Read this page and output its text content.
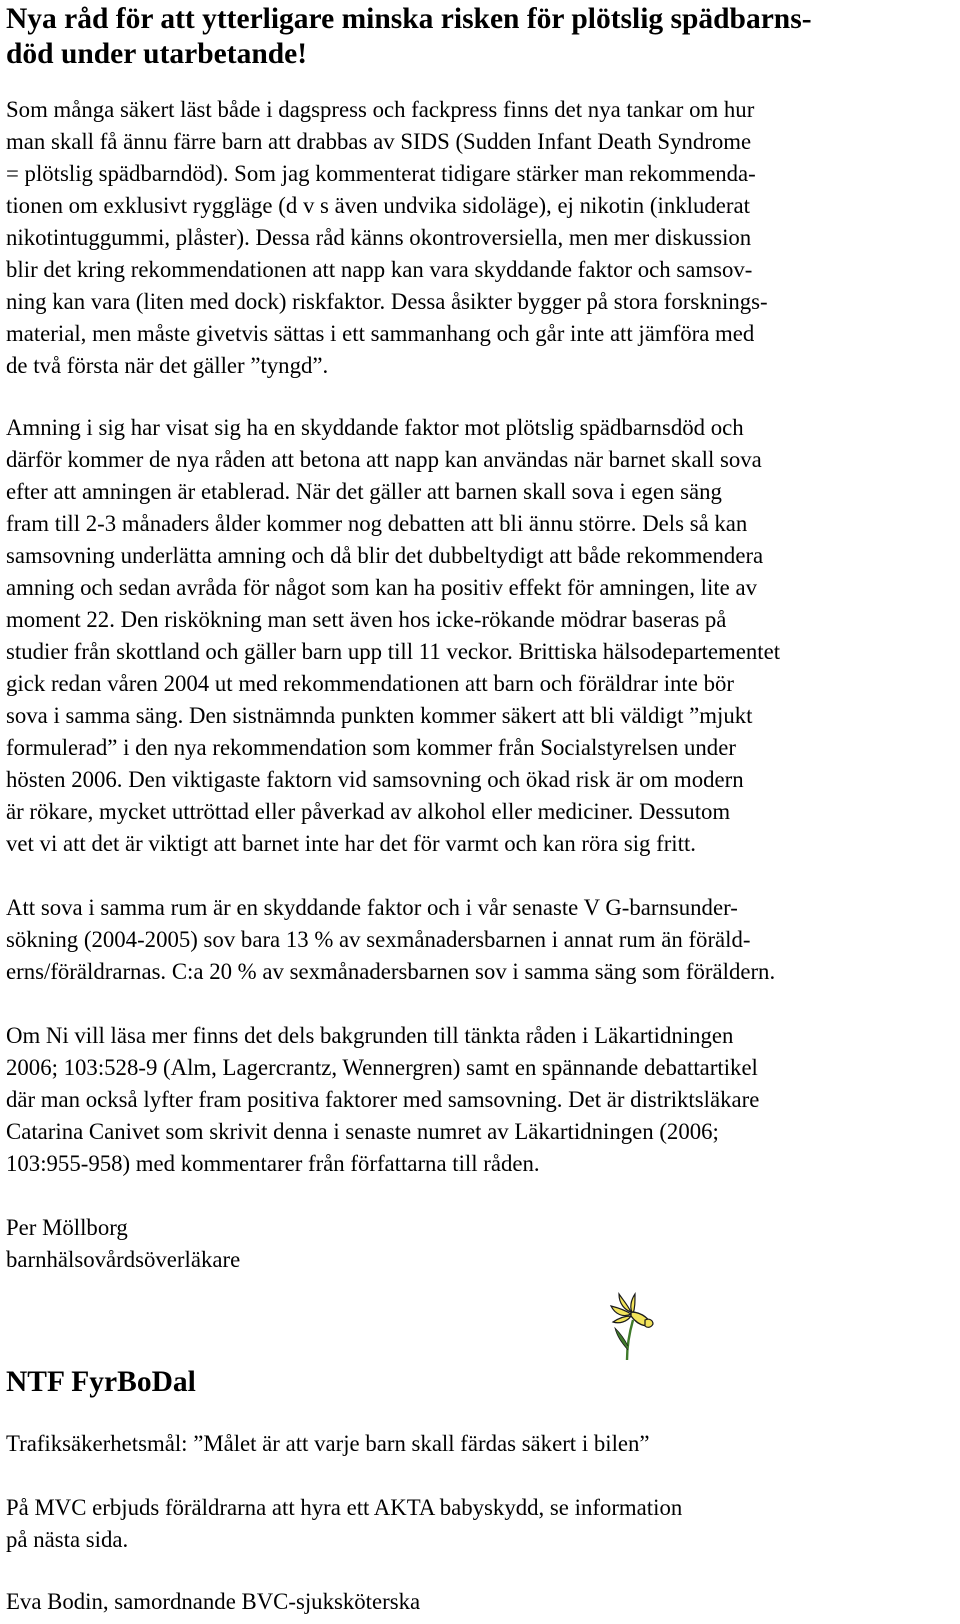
Nya råd för att ytterligare minska risken för plötslig spädbarns-
död under utarbetande!
Som många säkert läst både i dagspress och fackpress finns det nya tankar om hur
man skall få ännu färre barn att drabbas av SIDS (Sudden Infant Death Syndrome
= plötslig spädbarndöd). Som jag kommenterat tidigare stärker man rekommenda-
tionen om exklusivt ryggläge (d v s även undvika sidoläge), ej nikotin (inkluderat
nikotintuggummi, plåster). Dessa råd känns okontroversiella, men mer diskussion
blir det kring rekommendationen att napp kan vara skyddande faktor och samsov-
ning kan vara (liten med dock) riskfaktor. Dessa åsikter bygger på stora forsknings-
material, men måste givetvis sättas i ett sammanhang och går inte att jämföra med
de två första när det gäller ”tyngd”.
Amning i sig har visat sig ha en skyddande faktor mot plötslig spädbarnsdöd och
därför kommer de nya råden att betona att napp kan användas när barnet skall sova
efter att amningen är etablerad. När det gäller att barnen skall sova i egen säng
fram till 2-3 månaders ålder kommer nog debatten att bli ännu större. Dels så kan
samsovning underlätta amning och då blir det dubbeltydigt att både rekommendera
amning och sedan avråda för något som kan ha positiv effekt för amningen, lite av
moment 22. Den riskökning man sett även hos icke-rökande mödrar baseras på
studier från skottland och gäller barn upp till 11 veckor. Brittiska hälsodepartementet
gick redan våren 2004 ut med rekommendationen att barn och föräldrar inte bör
sova i samma säng. Den sistnämnda punkten kommer säkert att bli väldigt ”mjukt
formulerad” i den nya rekommendation som kommer från Socialstyrelsen under
hösten 2006. Den viktigaste faktorn vid samsovning och ökad risk är om modern
är rökare, mycket uttröttad eller påverkad av alkohol eller mediciner. Dessutom
vet vi att det är viktigt att barnet inte har det för varmt och kan röra sig fritt.
Att sova i samma rum är en skyddande faktor och i vår senaste V G-barnsunder-
sökning (2004-2005) sov bara 13 % av sexmånadersbarnen i annat rum än föräld-
erns/föräldrarnas. C:a 20 % av sexmånadersbarnen sov i samma säng som föräldern.
Om Ni vill läsa mer finns det dels bakgrunden till tänkta råden i Läkartidningen
2006; 103:528-9 (Alm, Lagercrantz, Wennergren) samt en spännande debattartikel
där man också lyfter fram positiva faktorer med samsovning. Det är distriktsläkare
Catarina Canivet som skrivit denna i senaste numret av Läkartidningen (2006;
103:955-958) med kommentarer från författarna till råden.
Per Möllborg
barnhälsovårdsöverläkare
NTF FyrBoDal
Trafiksäkerhetsmål: ”Målet är att varje barn skall färdas säkert i bilen”
På MVC erbjuds föräldrarna att hyra ett AKTA babyskydd, se information
på nästa sida.
Eva Bodin, samordnande BVC-sjuksköterska
